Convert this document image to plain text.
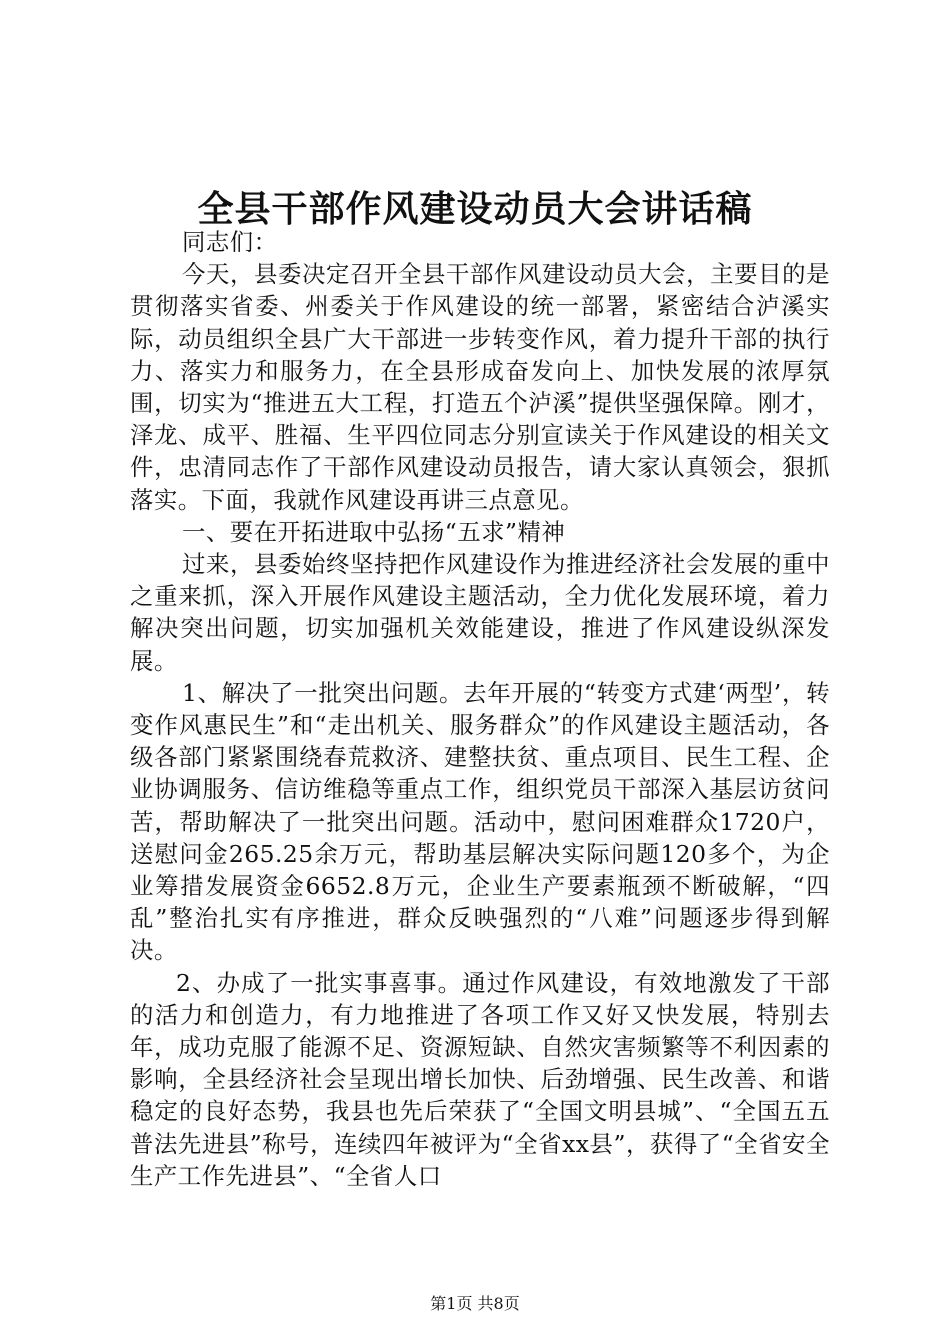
全县干部作风建设动员大会讲话稿

同志们：

今天，县委决定召开全县干部作风建设动员大会，主要目的是贯彻落实省委、州委关于作风建设的统一部署，紧密结合泸溪实际，动员组织全县广大干部进一步转变作风，着力提升干部的执行力、落实力和服务力，在全县形成奋发向上、加快发展的浓厚氛围，切实为“推进五大工程，打造五个泸溪”提供坚强保障。刚才，泽龙、成平、胜福、生平四位同志分别宣读关于作风建设的相关文件，忠清同志作了干部作风建设动员报告，请大家认真领会，狠抓落实。下面，我就作风建设再讲三点意见。

一、要在开拓进取中弘扬“五求”精神

过来，县委始终坚持把作风建设作为推进经济社会发展的重中之重来抓，深入开展作风建设主题活动，全力优化发展环境，着力解决突出问题，切实加强机关效能建设，推进了作风建设纵深发展。

1、解决了一批突出问题。去年开展的“转变方式建‘两型’，转变作风惠民生”和“走出机关、服务群众”的作风建设主题活动，各级各部门紧紧围绕春荒救济、建整扶贫、重点项目、民生工程、企业协调服务、信访维稳等重点工作，组织党员干部深入基层访贫问苦，帮助解决了一批突出问题。活动中，慰问困难群众1720户，送慰问金265.25余万元，帮助基层解决实际问题120多个，为企业筹措发展资金6652.8万元，企业生产要素瓶颈不断破解，“四乱”整治扎实有序推进，群众反映强烈的“八难”问题逐步得到解决。

2、办成了一批实事喜事。通过作风建设，有效地激发了干部的活力和创造力，有力地推进了各项工作又好又快发展，特别去年，成功克服了能源不足、资源短缺、自然灾害频繁等不利因素的影响，全县经济社会呈现出增长加快、后劲增强、民生改善、和谐稳定的良好态势，我县也先后荣获了“全国文明县城”、“全国五五普法先进县”称号，连续四年被评为“全省xx县”，获得了“全省安全生产工作先进县”、“全省人口

第1页 共8页
